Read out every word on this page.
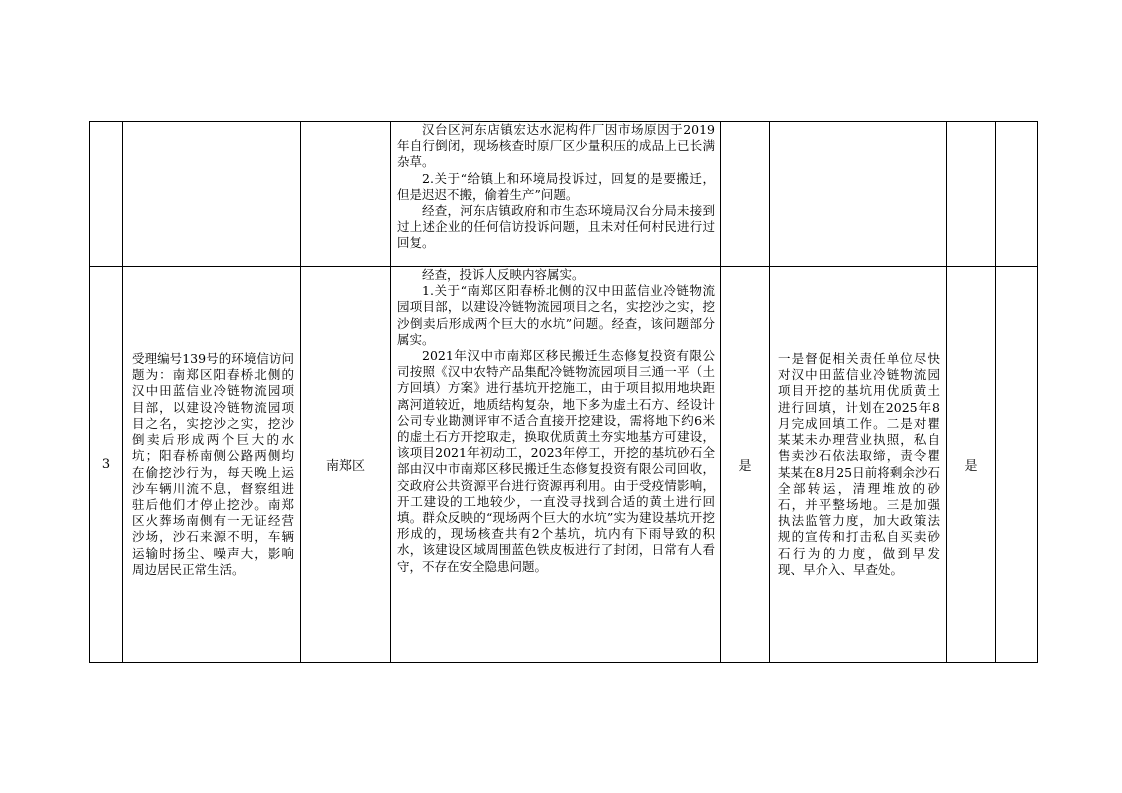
			汉台区河东店镇宏达水泥构件厂因市场原因于2019年自行倒闭，现场核查时原厂区少量积压的成品上已长满杂草。

2.关于“给镇上和环境局投诉过，回复的是要搬迁，但是迟迟不搬，偷着生产”问题。

经查，河东店镇政府和市生态环境局汉台分局未接到过上述企业的任何信访投诉问题，且未对任何村民进行过回复。				

3	受理编号139号的环境信访问题为：南郑区阳春桥北侧的汉中田蓝信业冷链物流园项目部，以建设冷链物流园项目之名，实挖沙之实，挖沙倒卖后形成两个巨大的水坑；阳春桥南侧公路两侧均在偷挖沙行为，每天晚上运沙车辆川流不息，督察组进驻后他们才停止挖沙。南郑区火葬场南侧有一无证经营沙场，沙石来源不明，车辆运输时扬尘、噪声大，影响周边居民正常生活。	南郑区	经查，投诉人反映内容属实。

1.关于“南郑区阳春桥北侧的汉中田蓝信业冷链物流园项目部，以建设冷链物流园项目之名，实挖沙之实，挖沙倒卖后形成两个巨大的水坑”问题。经查，该问题部分属实。

2021年汉中市南郑区移民搬迁生态修复投资有限公司按照《汉中农特产品集配冷链物流园项目三通一平（土方回填）方案》进行基坑开挖施工，由于项目拟用地块距离河道较近，地质结构复杂，地下多为虚土石方、经设计公司专业勘测评审不适合直接开挖建设，需将地下约6米的虚土石方开挖取走，换取优质黄土夯实地基方可建设，该项目2021年初动工，2023年停工，开挖的基坑砂石全部由汉中市南郑区移民搬迁生态修复投资有限公司回收，交政府公共资源平台进行资源再利用。由于受疫情影响，开工建设的工地较少，一直没寻找到合适的黄土进行回填。群众反映的“现场两个巨大的水坑”实为建设基坑开挖形成的，现场核查共有2个基坑，坑内有下雨导致的积水，该建设区域周围蓝色铁皮板进行了封闭，日常有人看守，不存在安全隐患问题。	是	一是督促相关责任单位尽快对汉中田蓝信业冷链物流园项目开挖的基坑用优质黄土进行回填，计划在2025年8月完成回填工作。二是对瞿某某未办理营业执照，私自售卖沙石依法取缔，责令瞿某某在8月25日前将剩余沙石全部转运，清理堆放的砂石，并平整场地。三是加强执法监管力度，加大政策法规的宣传和打击私自买卖砂石行为的力度，做到早发现、早介入、早查处。	是	
